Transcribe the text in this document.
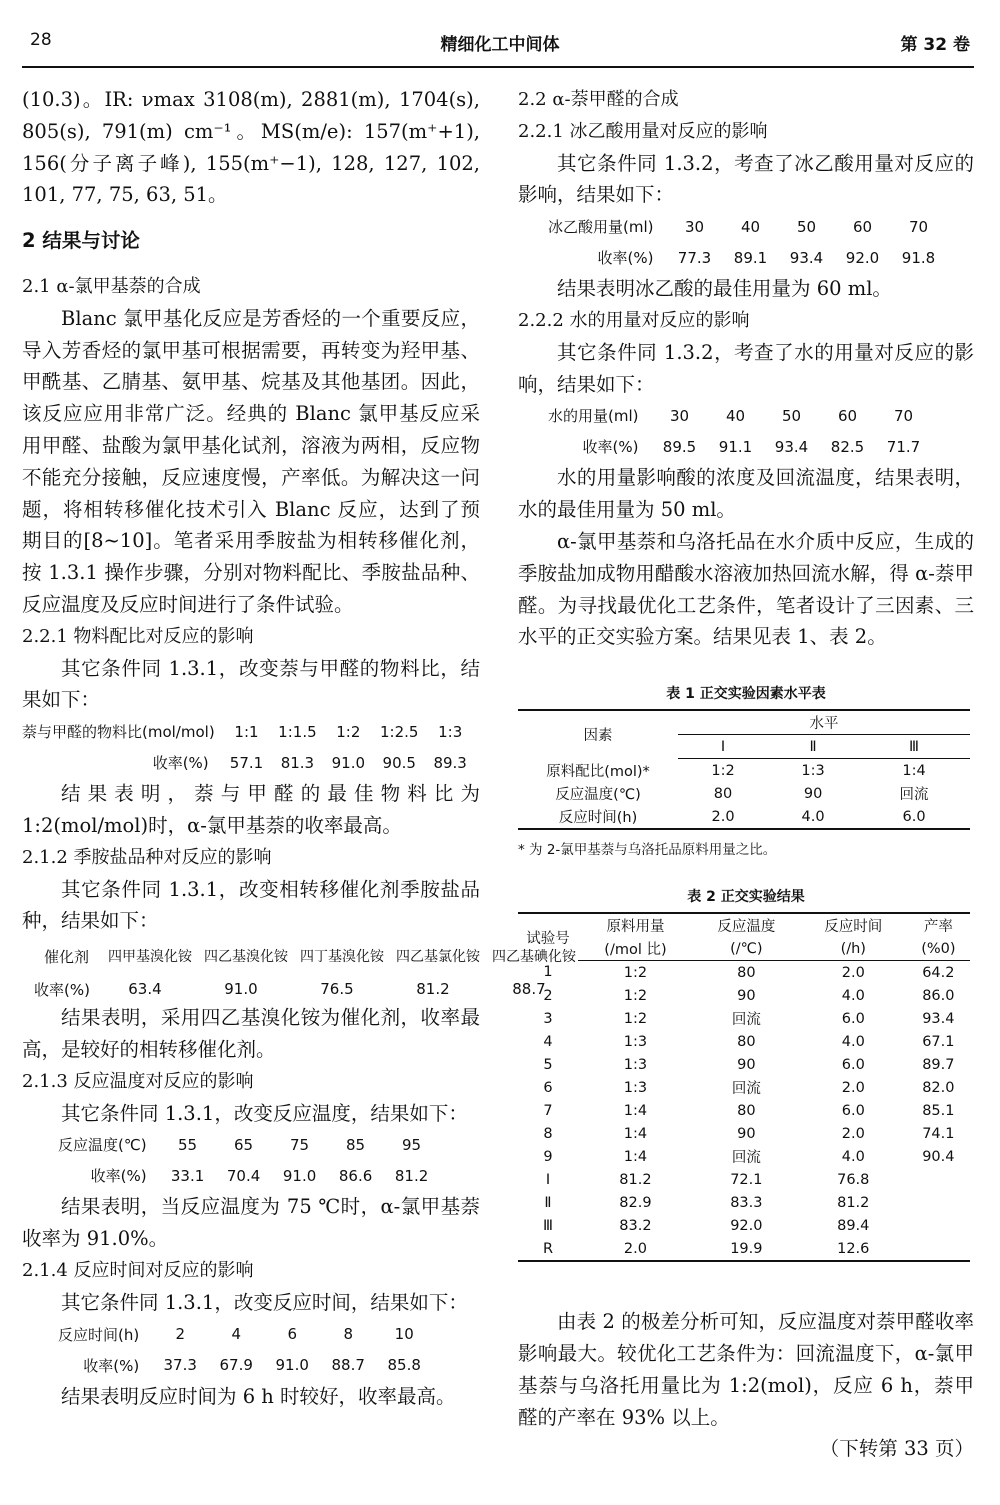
28	精细化工中间体	第 32 卷

(10.3)。IR: νmax 3108(m), 2881(m), 1704(s), 805(s), 791(m) cm⁻¹。MS(m/e): 157(m⁺+1), 156(分子离子峰), 155(m⁺−1), 128, 127, 102, 101, 77, 75, 63, 51。

2 结果与讨论
2.1 α-氯甲基萘的合成

Blanc 氯甲基化反应是芳香烃的一个重要反应，导入芳香烃的氯甲基可根据需要，再转变为羟甲基、甲酰基、乙腈基、氨甲基、烷基及其他基团。因此，该反应应用非常广泛。经典的 Blanc 氯甲基反应采用甲醛、盐酸为氯甲基化试剂，溶液为两相，反应物不能充分接触，反应速度慢，产率低。为解决这一问题，将相转移催化技术引入 Blanc 反应，达到了预期目的[8~10]。笔者采用季胺盐为相转移催化剂，按 1.3.1 操作步骤，分别对物料配比、季胺盐品种、反应温度及反应时间进行了条件试验。

2.2.1 物料配比对反应的影响

其它条件同 1.3.1，改变萘与甲醛的物料比，结果如下：

萘与甲醛的物料比(mol/mol)	1:1	1:1.5	1:2	1:2.5	1:3
收率(%)	57.1	81.3	91.0	90.5	89.3

结果表明，萘与甲醛的最佳物料比为 1:2(mol/mol)时，α-氯甲基萘的收率最高。

2.1.2 季胺盐品种对反应的影响

其它条件同 1.3.1，改变相转移催化剂季胺盐品种，结果如下：

催化剂	四甲基溴化铵	四乙基溴化铵	四丁基溴化铵	四乙基氯化铵	四乙基碘化铵
收率(%)	63.4	91.0	76.5	81.2	88.7

结果表明，采用四乙基溴化铵为催化剂，收率最高，是较好的相转移催化剂。

2.1.3 反应温度对反应的影响

其它条件同 1.3.1，改变反应温度，结果如下：

反应温度(℃)	55	65	75	85	95
收率(%)	33.1	70.4	91.0	86.6	81.2

结果表明，当反应温度为 75 ℃时，α-氯甲基萘收率为 91.0%。

2.1.4 反应时间对反应的影响

其它条件同 1.3.1，改变反应时间，结果如下：

反应时间(h)	2	4	6	8	10
收率(%)	37.3	67.9	91.0	88.7	85.8

结果表明反应时间为 6 h 时较好，收率最高。

2.2 α-萘甲醛的合成
2.2.1 冰乙酸用量对反应的影响

其它条件同 1.3.2，考查了冰乙酸用量对反应的影响，结果如下：

冰乙酸用量(ml)	30	40	50	60	70
收率(%)	77.3	89.1	93.4	92.0	91.8

结果表明冰乙酸的最佳用量为 60 ml。

2.2.2 水的用量对反应的影响

其它条件同 1.3.2，考查了水的用量对反应的影响，结果如下：

水的用量(ml)	30	40	50	60	70
收率(%)	89.5	91.1	93.4	82.5	71.7

水的用量影响酸的浓度及回流温度，结果表明，水的最佳用量为 50 ml。

α-氯甲基萘和乌洛托品在水介质中反应，生成的季胺盐加成物用醋酸水溶液加热回流水解，得 α-萘甲醛。为寻找最优化工艺条件，笔者设计了三因素、三水平的正交实验方案。结果见表 1、表 2。

表 1 正交实验因素水平表
因素	水平		
	Ⅰ	Ⅱ	Ⅲ
原料配比(mol)*	1:2	1:3	1:4
反应温度(℃)	80	90	回流
反应时间(h)	2.0	4.0	6.0
* 为 2-氯甲基萘与乌洛托品原料用量之比。
表 2 正交实验结果
试验号	原料用量	反应温度	反应时间	产率
	(/mol 比)	(/℃)	(/h)	(%0)
1	1:2	80	2.0	64.2
2	1:2	90	4.0	86.0
3	1:2	回流	6.0	93.4
4	1:3	80	4.0	67.1
5	1:3	90	6.0	89.7
6	1:3	回流	2.0	82.0
7	1:4	80	6.0	85.1
8	1:4	90	2.0	74.1
9	1:4	回流	4.0	90.4
Ⅰ	81.2	72.1	76.8	
Ⅱ	82.9	83.3	81.2	
Ⅲ	83.2	92.0	89.4	
R	2.0	19.9	12.6	

由表 2 的极差分析可知，反应温度对萘甲醛收率影响最大。较优化工艺条件为：回流温度下，α-氯甲基萘与乌洛托用量比为 1:2(mol)，反应 6 h，萘甲醛的产率在 93% 以上。

（下转第 33 页）
